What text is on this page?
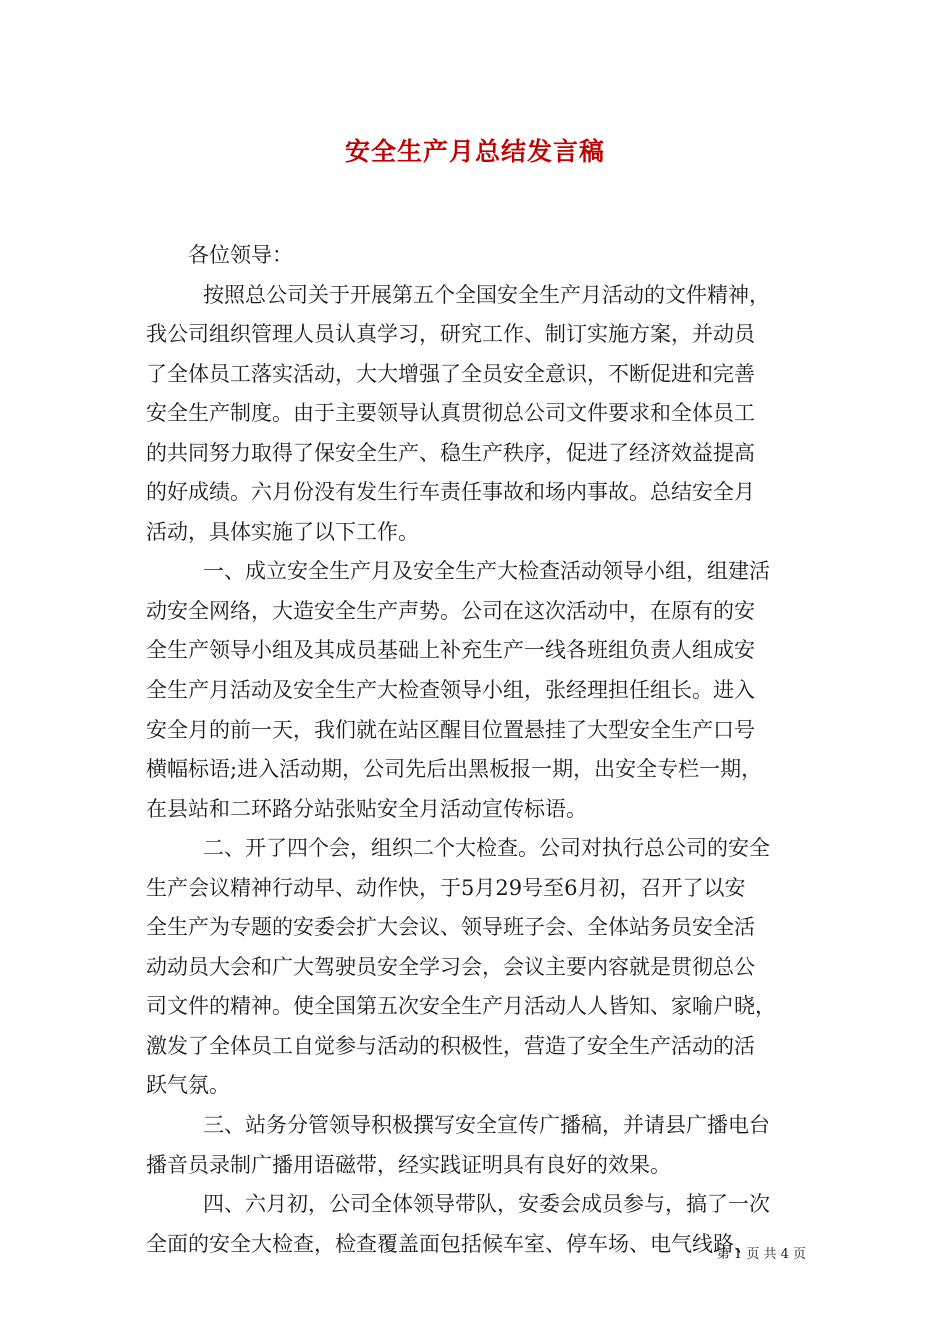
安全生产月总结发言稿

各位领导：

按照总公司关于开展第五个全国安全生产月活动的文件精神，

我公司组织管理人员认真学习，研究工作、制订实施方案，并动员

了全体员工落实活动，大大增强了全员安全意识，不断促进和完善

安全生产制度。由于主要领导认真贯彻总公司文件要求和全体员工

的共同努力取得了保安全生产、稳生产秩序，促进了经济效益提高

的好成绩。六月份没有发生行车责任事故和场内事故。总结安全月

活动，具体实施了以下工作。

一、成立安全生产月及安全生产大检查活动领导小组，组建活

动安全网络，大造安全生产声势。公司在这次活动中，在原有的安

全生产领导小组及其成员基础上补充生产一线各班组负责人组成安

全生产月活动及安全生产大检查领导小组，张经理担任组长。进入

安全月的前一天，我们就在站区醒目位置悬挂了大型安全生产口号

横幅标语;进入活动期，公司先后出黑板报一期，出安全专栏一期，

在县站和二环路分站张贴安全月活动宣传标语。

二、开了四个会，组织二个大检查。公司对执行总公司的安全

生产会议精神行动早、动作快，于5月29号至6月初，召开了以安

全生产为专题的安委会扩大会议、领导班子会、全体站务员安全活

动动员大会和广大驾驶员安全学习会，会议主要内容就是贯彻总公

司文件的精神。使全国第五次安全生产月活动人人皆知、家喻户晓，

激发了全体员工自觉参与活动的积极性，营造了安全生产活动的活

跃气氛。

三、站务分管领导积极撰写安全宣传广播稿，并请县广播电台

播音员录制广播用语磁带，经实践证明具有良好的效果。

四、六月初，公司全体领导带队，安委会成员参与，搞了一次

全面的安全大检查，检查覆盖面包括候车室、停车场、电气线路、

第 1 页 共 4 页
